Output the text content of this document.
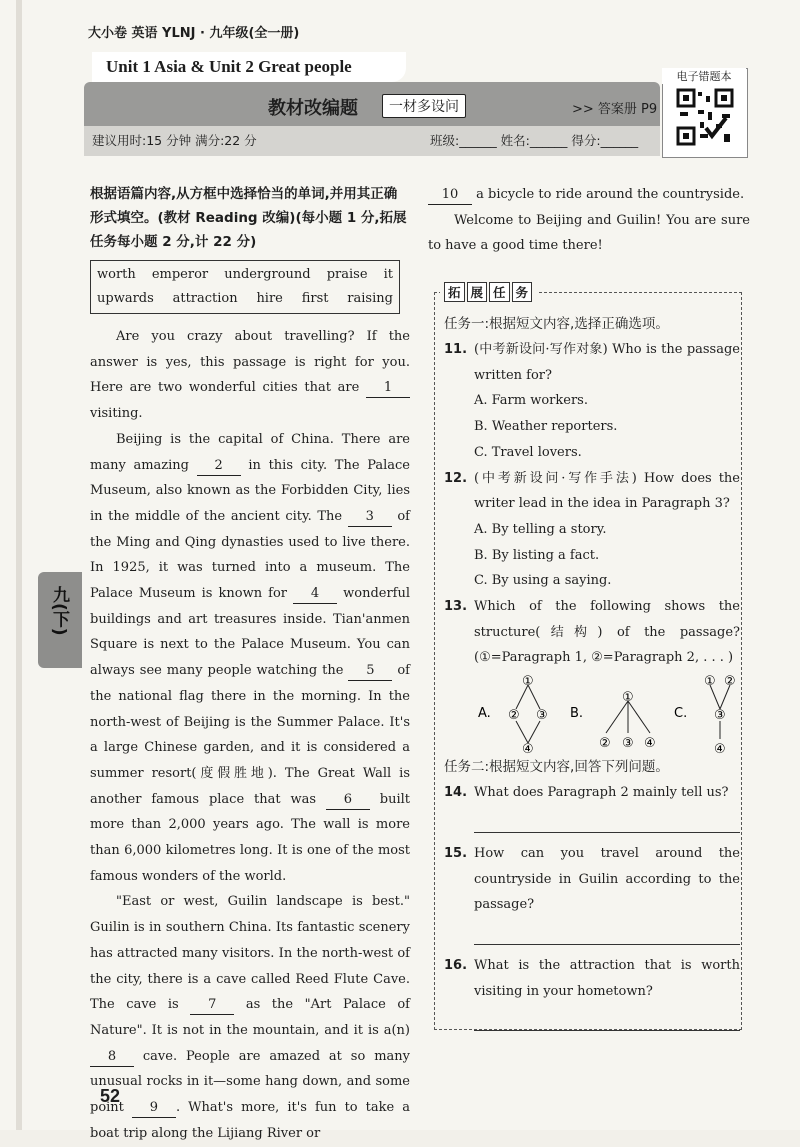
大小卷 英语 YLNJ · 九年级(全一册)
Unit 1 Asia & Unit 2 Great people
教材改编题	一材多设问	>> 答案册 P9
建议用时:15 分钟 满分:22 分	班级:______ 姓名:______ 得分:______
电子错题本
九(下)
根据语篇内容,从方框中选择恰当的单词,并用其正确形式填空。(教材 Reading 改编)(每小题 1 分,拓展任务每小题 2 分,计 22 分)
worth emperor underground praise it
upwards attraction hire first raising

Are you crazy about travelling? If the answer is yes, this passage is right for you. Here are two wonderful cities that are 1 visiting.

Beijing is the capital of China. There are many amazing 2 in this city. The Palace Museum, also known as the Forbidden City, lies in the middle of the ancient city. The 3 of the Ming and Qing dynasties used to live there. In 1925, it was turned into a museum. The Palace Museum is known for 4 wonderful buildings and art treasures inside. Tian'anmen Square is next to the Palace Museum. You can always see many people watching the 5 of the national flag there in the morning. In the north-west of Beijing is the Summer Palace. It's a large Chinese garden, and it is considered a summer resort(度假胜地). The Great Wall is another famous place that was 6 built more than 2,000 years ago. The wall is more than 6,000 kilometres long. It is one of the most famous wonders of the world.

"East or west, Guilin landscape is best." Guilin is in southern China. Its fantastic scenery has attracted many visitors. In the north-west of the city, there is a cave called Reed Flute Cave. The cave is 7 as the "Art Palace of Nature". It is not in the mountain, and it is a(n) 8 cave. People are amazed at so many unusual rocks in it—some hang down, and some point 9 . What's more, it's fun to take a boat trip along the Lijiang River or

10 a bicycle to ride around the countryside.

Welcome to Beijing and Guilin! You are sure to have a good time there!

拓 展 任 务
任务一:根据短文内容,选择正确选项。
11. (中考新设问·写作对象) Who is the passage written for?
A. Farm workers.
B. Weather reporters.
C. Travel lovers.
12. (中考新设问·写作手法) How does the writer lead in the idea in Paragraph 3?
A. By telling a story.
B. By listing a fact.
C. By using a saying.
13. Which of the following shows the structure(结构) of the passage? (①=Paragraph 1, ②=Paragraph 2, . . . )
A.
①
② ③
④
B.
①
② ③ ④
C.
① ②
③
④
任务二:根据短文内容,回答下列问题。
14. What does Paragraph 2 mainly tell us?
15. How can you travel around the countryside in Guilin according to the passage?
16. What is the attraction that is worth visiting in your hometown?
52
